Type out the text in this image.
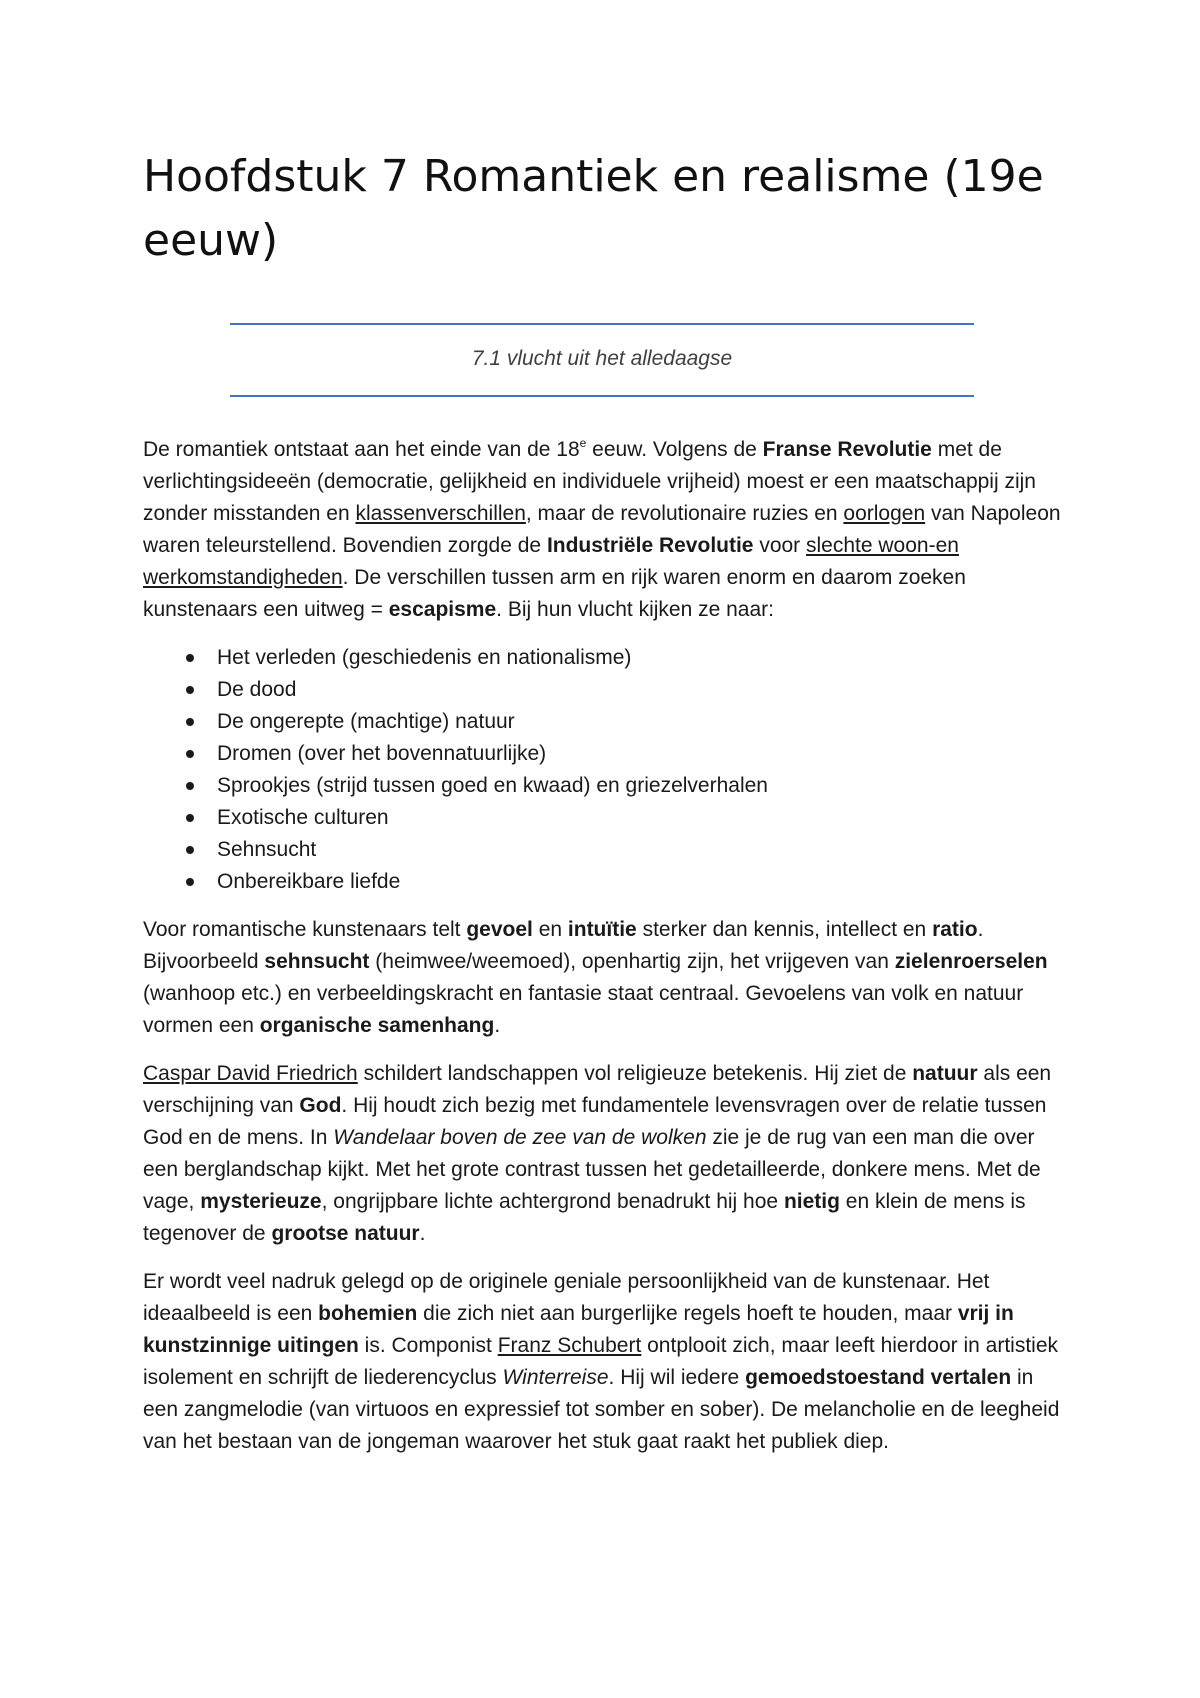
Hoofdstuk 7 Romantiek en realisme (19e eeuw)

7.1 vlucht uit het alledaagse

De romantiek ontstaat aan het einde van de 18e eeuw. Volgens de Franse Revolutie met de verlichtingsideeën (democratie, gelijkheid en individuele vrijheid) moest er een maatschappij zijn zonder misstanden en klassenverschillen, maar de revolutionaire ruzies en oorlogen van Napoleon waren teleurstellend. Bovendien zorgde de Industriële Revolutie voor slechte woon-en werkomstandigheden. De verschillen tussen arm en rijk waren enorm en daarom zoeken kunstenaars een uitweg = escapisme. Bij hun vlucht kijken ze naar:

Het verleden (geschiedenis en nationalisme)
De dood
De ongerepte (machtige) natuur
Dromen (over het bovennatuurlijke)
Sprookjes (strijd tussen goed en kwaad) en griezelverhalen
Exotische culturen
Sehnsucht
Onbereikbare liefde

Voor romantische kunstenaars telt gevoel en intuïtie sterker dan kennis, intellect en ratio. Bijvoorbeeld sehnsucht (heimwee/weemoed), openhartig zijn, het vrijgeven van zielenroerselen (wanhoop etc.) en verbeeldingskracht en fantasie staat centraal. Gevoelens van volk en natuur vormen een organische samenhang.

Caspar David Friedrich schildert landschappen vol religieuze betekenis. Hij ziet de natuur als een verschijning van God. Hij houdt zich bezig met fundamentele levensvragen over de relatie tussen God en de mens. In Wandelaar boven de zee van de wolken zie je de rug van een man die over een berglandschap kijkt. Met het grote contrast tussen het gedetailleerde, donkere mens. Met de vage, mysterieuze, ongrijpbare lichte achtergrond benadrukt hij hoe nietig en klein de mens is tegenover de grootse natuur.

Er wordt veel nadruk gelegd op de originele geniale persoonlijkheid van de kunstenaar. Het ideaalbeeld is een bohemien die zich niet aan burgerlijke regels hoeft te houden, maar vrij in kunstzinnige uitingen is. Componist Franz Schubert ontplooit zich, maar leeft hierdoor in artistiek isolement en schrijft de liederencyclus Winterreise. Hij wil iedere gemoedstoestand vertalen in een zangmelodie (van virtuoos en expressief tot somber en sober). De melancholie en de leegheid van het bestaan van de jongeman waarover het stuk gaat raakt het publiek diep.
